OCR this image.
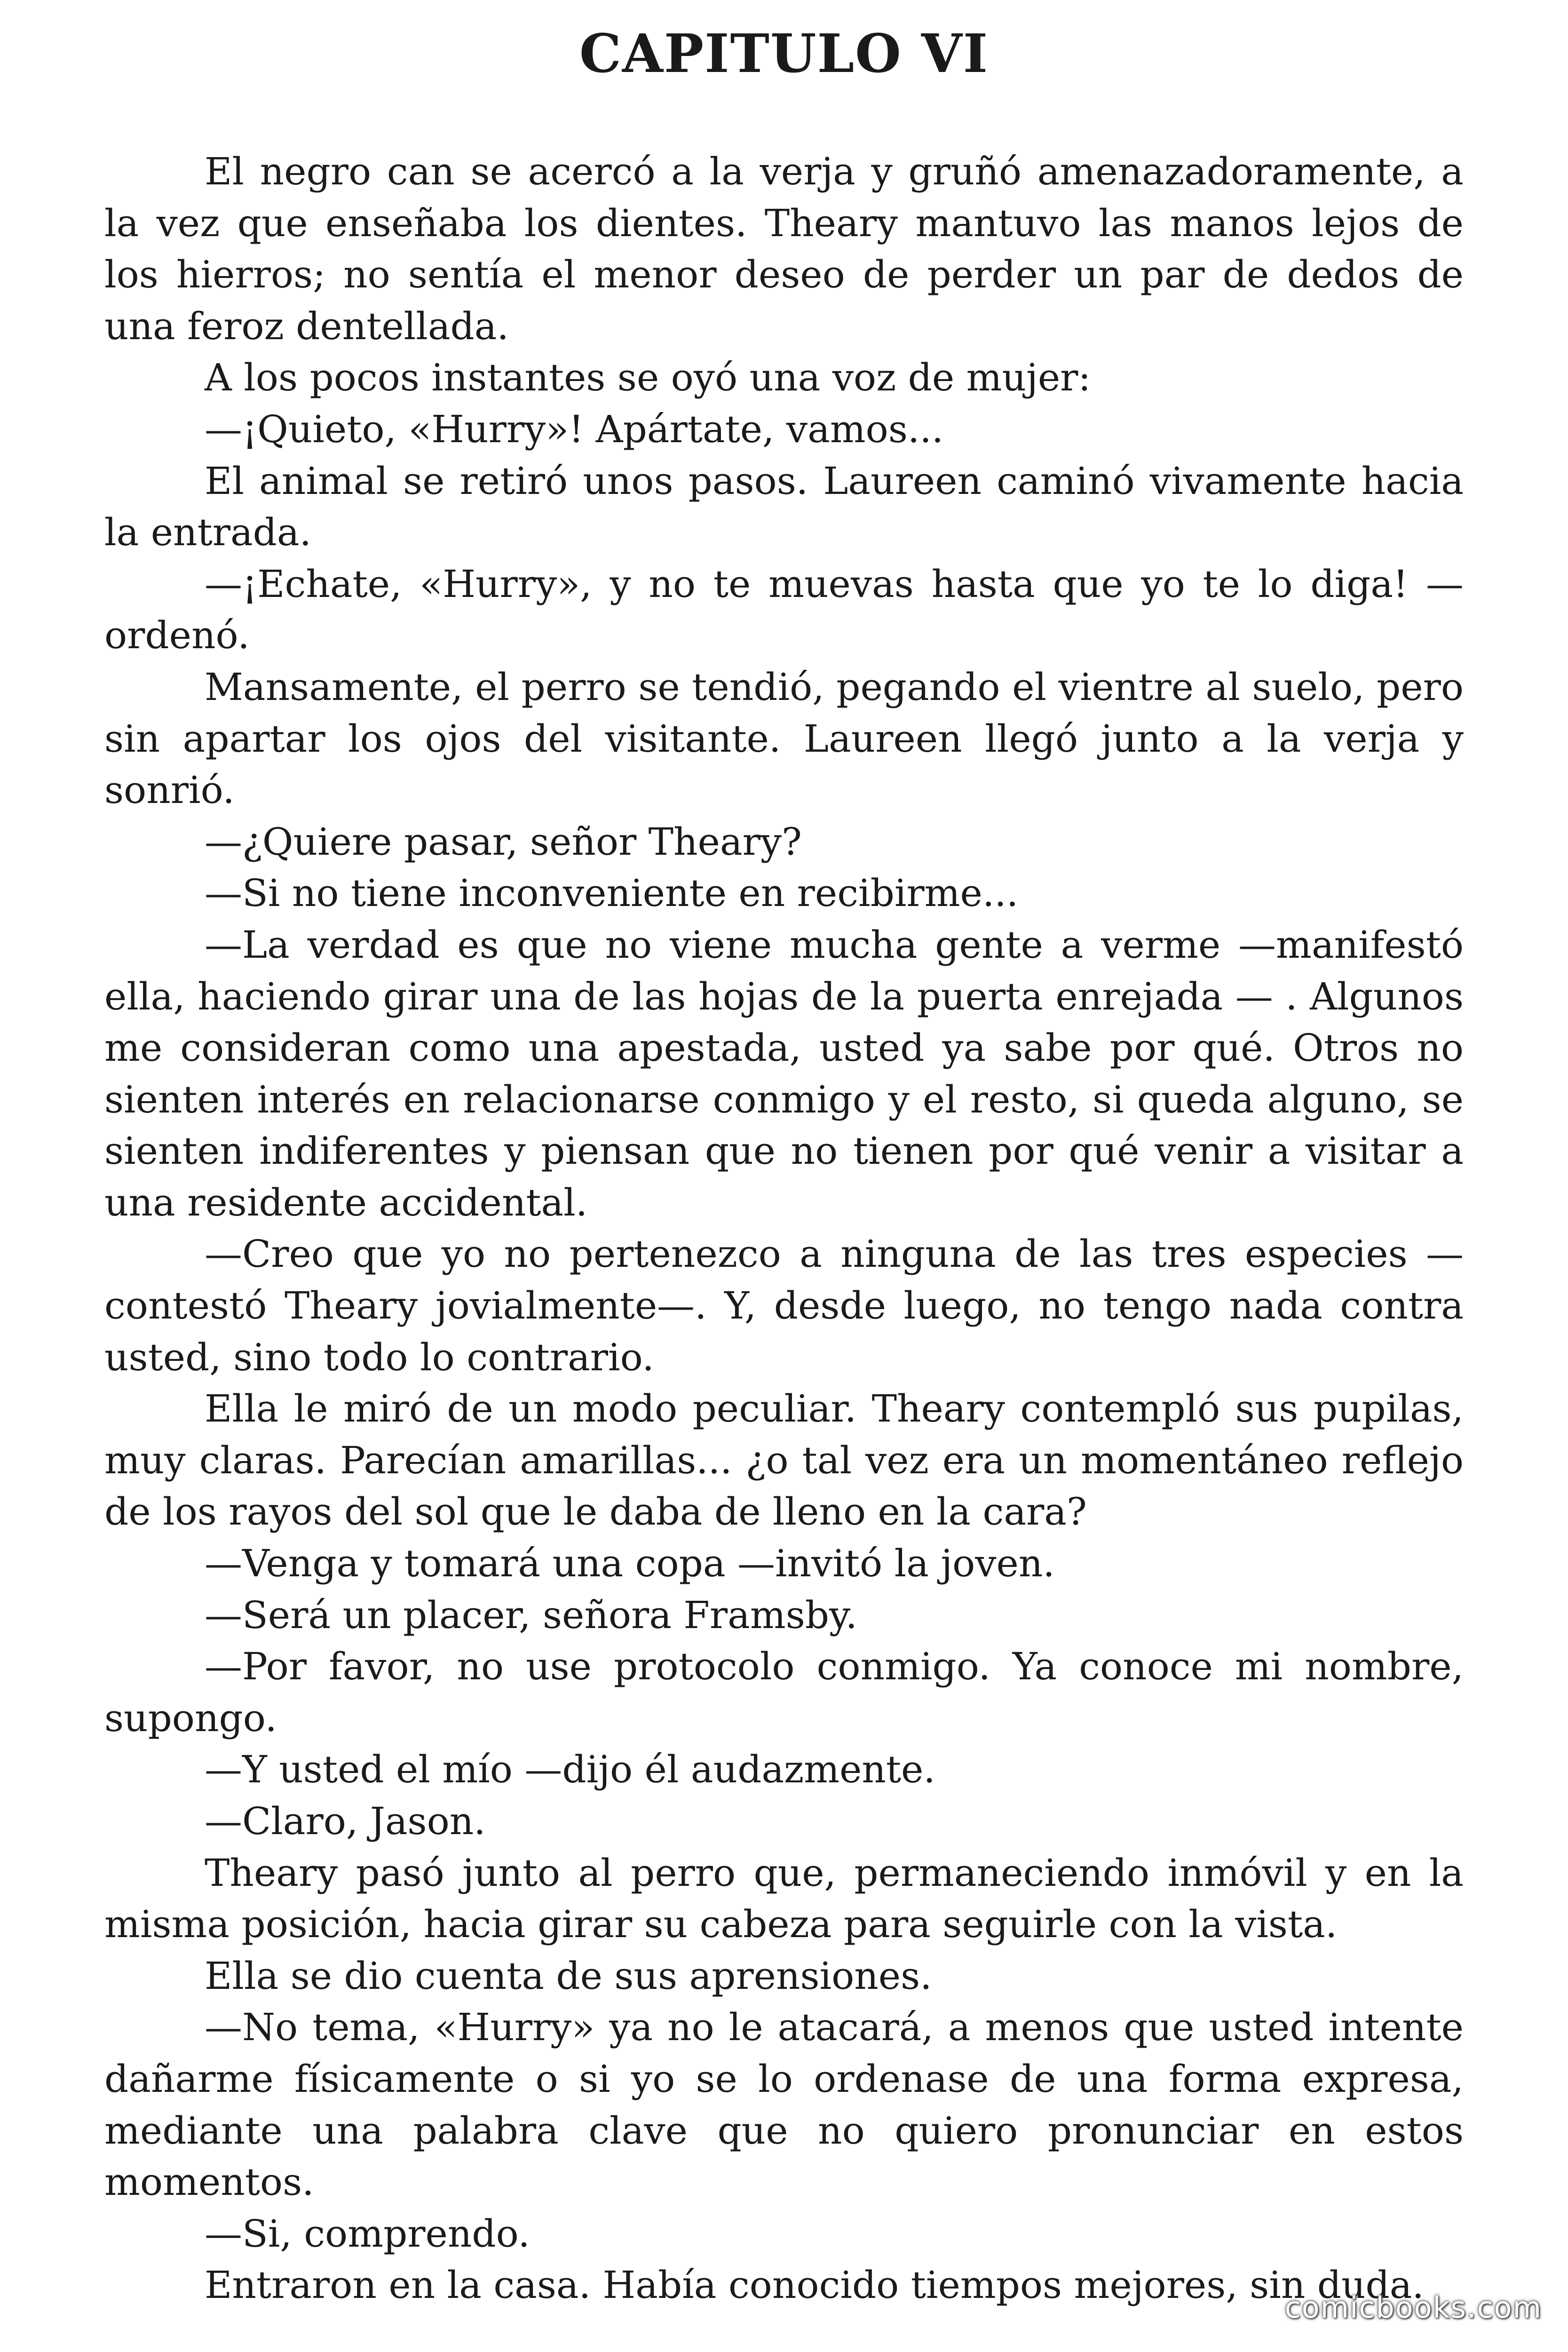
CAPITULO VI

El negro can se acercó a la verja y gruñó amenazadoramente, a la vez que enseñaba los dientes. Theary mantuvo las manos lejos de los hierros; no sentía el menor deseo de perder un par de dedos de una feroz dentellada.

A los pocos instantes se oyó una voz de mujer:

—¡Quieto, «Hurry»! Apártate, vamos...

El animal se retiró unos pasos. Laureen caminó vivamente hacia la entrada.

—¡Echate, «Hurry», y no te muevas hasta que yo te lo diga! —ordenó.

Mansamente, el perro se tendió, pegando el vientre al suelo, pero sin apartar los ojos del visitante. Laureen llegó junto a la verja y sonrió.

—¿Quiere pasar, señor Theary?

—Si no tiene inconveniente en recibirme...

—La verdad es que no viene mucha gente a verme —manifestó ella, haciendo girar una de las hojas de la puerta enrejada — . Algunos me consideran como una apestada, usted ya sabe por qué. Otros no sienten interés en relacionarse conmigo y el resto, si queda alguno, se sienten indiferentes y piensan que no tienen por qué venir a visitar a una residente accidental.

—Creo que yo no pertenezco a ninguna de las tres especies —contestó Theary jovialmente—. Y, desde luego, no tengo nada contra usted, sino todo lo contrario.

Ella le miró de un modo peculiar. Theary contempló sus pupilas, muy claras. Parecían amarillas... ¿o tal vez era un momentáneo reflejo de los rayos del sol que le daba de lleno en la cara?

—Venga y tomará una copa —invitó la joven.

—Será un placer, señora Framsby.

—Por favor, no use protocolo conmigo. Ya conoce mi nombre, supongo.

—Y usted el mío —dijo él audazmente.

—Claro, Jason.

Theary pasó junto al perro que, permaneciendo inmóvil y en la misma posición, hacia girar su cabeza para seguirle con la vista.

Ella se dio cuenta de sus aprensiones.

—No tema, «Hurry» ya no le atacará, a menos que usted intente dañarme físicamente o si yo se lo ordenase de una forma expresa, mediante una palabra clave que no quiero pronunciar en estos momentos.

—Si, comprendo.

Entraron en la casa. Había conocido tiempos mejores, sin duda.

comicbooks.com
